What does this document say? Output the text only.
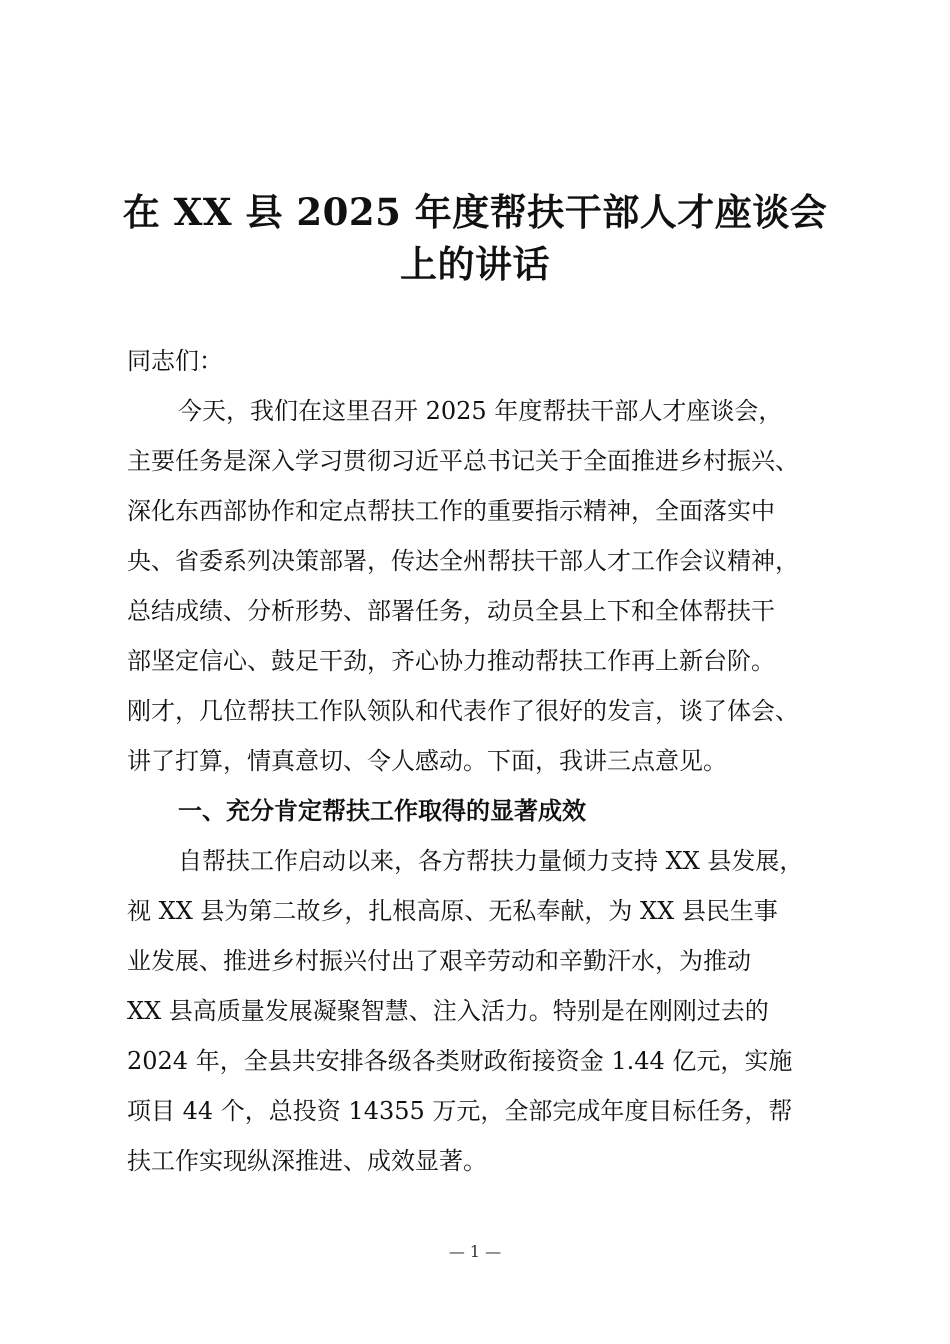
在 XX 县 2025 年度帮扶干部人才座谈会
上的讲话
同志们：
今天，我们在这里召开 2025 年度帮扶干部人才座谈会，
主要任务是深入学习贯彻习近平总书记关于全面推进乡村振兴、
深化东西部协作和定点帮扶工作的重要指示精神，全面落实中
央、省委系列决策部署，传达全州帮扶干部人才工作会议精神，
总结成绩、分析形势、部署任务，动员全县上下和全体帮扶干
部坚定信心、鼓足干劲，齐心协力推动帮扶工作再上新台阶。
刚才，几位帮扶工作队领队和代表作了很好的发言，谈了体会、
讲了打算，情真意切、令人感动。下面，我讲三点意见。
一、充分肯定帮扶工作取得的显著成效
自帮扶工作启动以来，各方帮扶力量倾力支持 XX 县发展，
视 XX 县为第二故乡，扎根高原、无私奉献，为 XX 县民生事
业发展、推进乡村振兴付出了艰辛劳动和辛勤汗水，为推动
XX 县高质量发展凝聚智慧、注入活力。特别是在刚刚过去的
2024 年，全县共安排各级各类财政衔接资金 1.44 亿元，实施
项目 44 个，总投资 14355 万元，全部完成年度目标任务，帮
扶工作实现纵深推进、成效显著。
— 1 —
